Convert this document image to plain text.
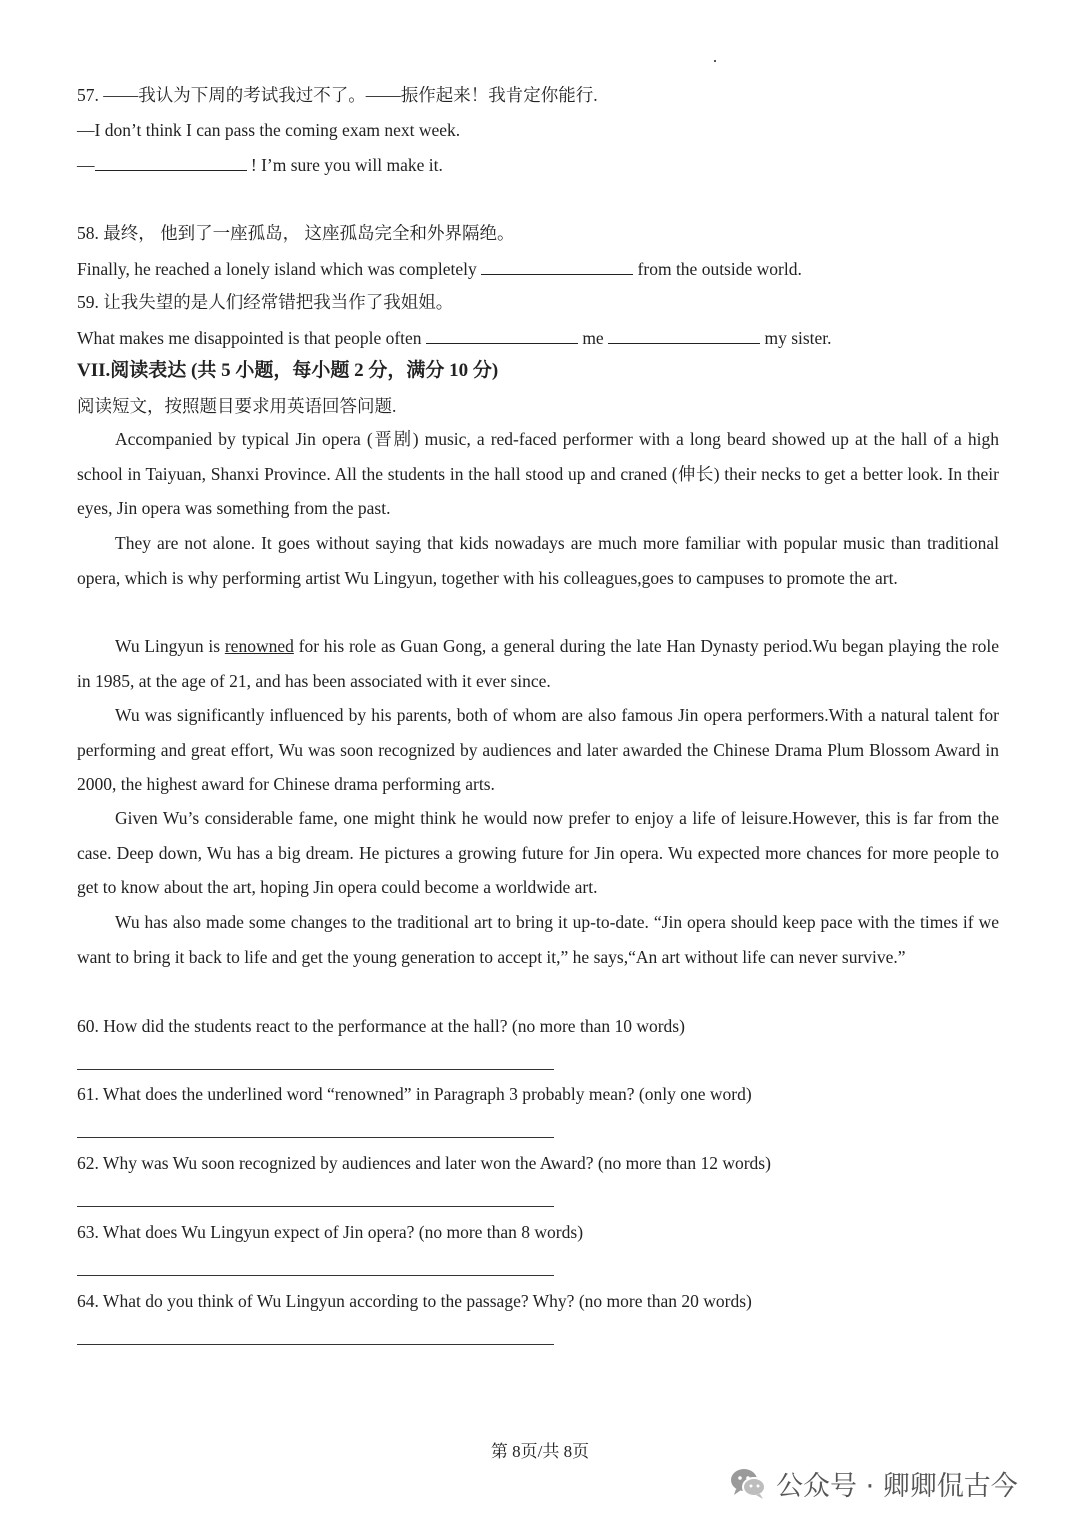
57. ——我认为下周的考试我过不了。——振作起来！我肯定你能行.
—I don’t think I can pass the coming exam next week.
—	! I’m sure you will make it.
58. 最终， 他到了一座孤岛， 这座孤岛完全和外界隔绝。
Finally, he reached a lonely island which was completely	from the outside world.
59. 让我失望的是人们经常错把我当作了我姐姐。
What makes me disappointed is that people often	me	my sister.
VII.阅读表达 (共 5 小题，每小题 2 分，满分 10 分)
阅读短文，按照题目要求用英语回答问题.
Accompanied by typical Jin opera (晋剧) music, a red-faced performer with a long beard showed up at the hall of a high school in Taiyuan, Shanxi Province. All the students in the hall stood up and craned (伸长) their necks to get a better look. In their eyes, Jin opera was something from the past.
They are not alone. It goes without saying that kids nowadays are much more familiar with popular music than traditional opera, which is why performing artist Wu Lingyun, together with his colleagues,goes to campuses to promote the art.
Wu Lingyun is renowned for his role as Guan Gong, a general during the late Han Dynasty period.Wu began playing the role in 1985, at the age of 21, and has been associated with it ever since.
Wu was significantly influenced by his parents, both of whom are also famous Jin opera performers.With a natural talent for performing and great effort, Wu was soon recognized by audiences and later awarded the Chinese Drama Plum Blossom Award in 2000, the highest award for Chinese drama performing arts.
Given Wu’s considerable fame, one might think he would now prefer to enjoy a life of leisure.However, this is far from the case. Deep down, Wu has a big dream. He pictures a growing future for Jin opera. Wu expected more chances for more people to get to know about the art, hoping Jin opera could become a worldwide art.
Wu has also made some changes to the traditional art to bring it up-to-date. “Jin opera should keep pace with the times if we want to bring it back to life and get the young generation to accept it,” he says,“An art without life can never survive.”
60. How did the students react to the performance at the hall? (no more than 10 words)
61. What does the underlined word “renowned” in Paragraph 3 probably mean? (only one word)
62. Why was Wu soon recognized by audiences and later won the Award? (no more than 12 words)
63. What does Wu Lingyun expect of Jin opera? (no more than 8 words)
64. What do you think of Wu Lingyun according to the passage? Why? (no more than 20 words)
第 8页/共 8页
公众号 · 卿卿侃古今
